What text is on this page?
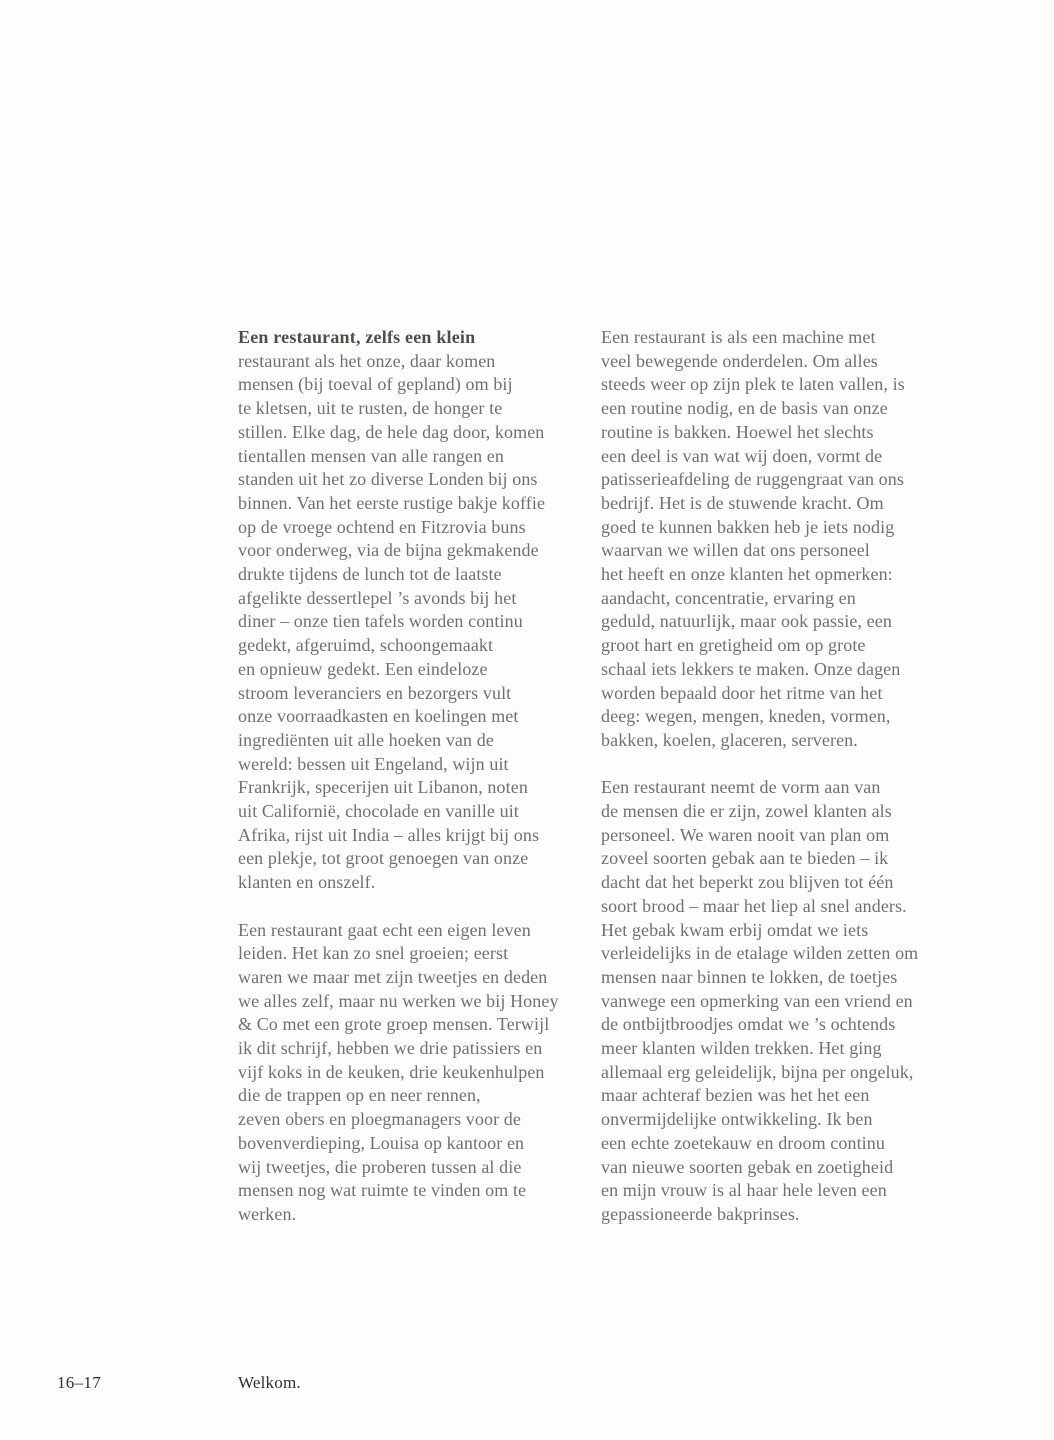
Een restaurant, zelfs een klein
restaurant als het onze, daar komen
mensen (bij toeval of gepland) om bij
te kletsen, uit te rusten, de honger te
stillen. Elke dag, de hele dag door, komen
tientallen mensen van alle rangen en
standen uit het zo diverse Londen bij ons
binnen. Van het eerste rustige bakje koffie
op de vroege ochtend en Fitzrovia buns
voor onderweg, via de bijna gekmakende
drukte tijdens de lunch tot de laatste
afgelikte dessertlepel ’s avonds bij het
diner – onze tien tafels worden continu
gedekt, afgeruimd, schoongemaakt
en opnieuw gedekt. Een eindeloze
stroom leveranciers en bezorgers vult
onze voorraadkasten en koelingen met
ingrediënten uit alle hoeken van de
wereld: bessen uit Engeland, wijn uit
Frankrijk, specerijen uit Libanon, noten
uit Californië, chocolade en vanille uit
Afrika, rijst uit India – alles krijgt bij ons
een plekje, tot groot genoegen van onze
klanten en onszelf.
Een restaurant gaat echt een eigen leven
leiden. Het kan zo snel groeien; eerst
waren we maar met zijn tweetjes en deden
we alles zelf, maar nu werken we bij Honey
& Co met een grote groep mensen. Terwijl
ik dit schrijf, hebben we drie patissiers en
vijf koks in de keuken, drie keukenhulpen
die de trappen op en neer rennen,
zeven obers en ploegmanagers voor de
bovenverdieping, Louisa op kantoor en
wij tweetjes, die proberen tussen al die
mensen nog wat ruimte te vinden om te
werken.
Een restaurant is als een machine met
veel bewegende onderdelen. Om alles
steeds weer op zijn plek te laten vallen, is
een routine nodig, en de basis van onze
routine is bakken. Hoewel het slechts
een deel is van wat wij doen, vormt de
patisserieafdeling de ruggengraat van ons
bedrijf. Het is de stuwende kracht. Om
goed te kunnen bakken heb je iets nodig
waarvan we willen dat ons personeel
het heeft en onze klanten het opmerken:
aandacht, concentratie, ervaring en
geduld, natuurlijk, maar ook passie, een
groot hart en gretigheid om op grote
schaal iets lekkers te maken. Onze dagen
worden bepaald door het ritme van het
deeg: wegen, mengen, kneden, vormen,
bakken, koelen, glaceren, serveren.
Een restaurant neemt de vorm aan van
de mensen die er zijn, zowel klanten als
personeel. We waren nooit van plan om
zoveel soorten gebak aan te bieden – ik
dacht dat het beperkt zou blijven tot één
soort brood – maar het liep al snel anders.
Het gebak kwam erbij omdat we iets
verleidelijks in de etalage wilden zetten om
mensen naar binnen te lokken, de toetjes
vanwege een opmerking van een vriend en
de ontbijtbroodjes omdat we ’s ochtends
meer klanten wilden trekken. Het ging
allemaal erg geleidelijk, bijna per ongeluk,
maar achteraf bezien was het het een
onvermijdelijke ontwikkeling. Ik ben
een echte zoetekauw en droom continu
van nieuwe soorten gebak en zoetigheid
en mijn vrouw is al haar hele leven een
gepassioneerde bakprinses.
16–17	Welkom.
